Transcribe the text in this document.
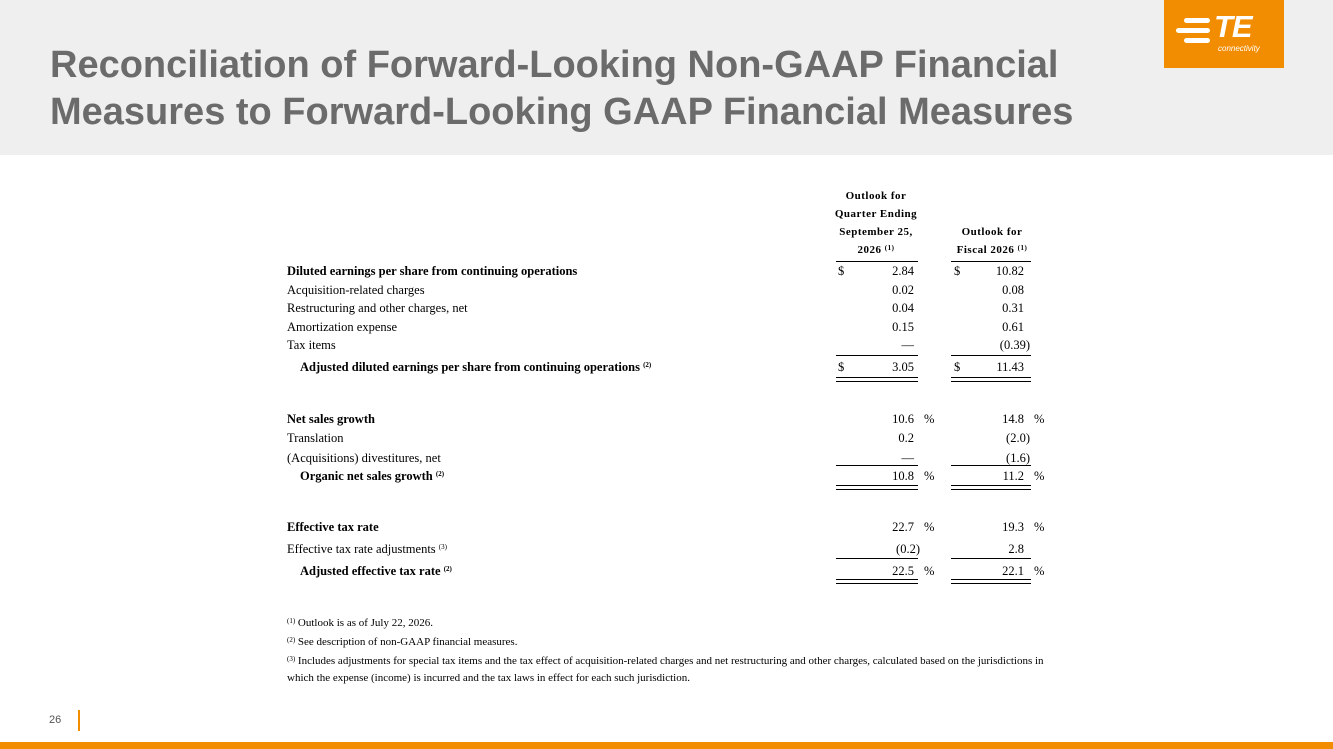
Reconciliation of Forward-Looking Non-GAAP Financial
Measures to Forward-Looking GAAP Financial Measures
TE
connectivity
Outlook for
Quarter Ending
September 25,
2026 $^{(1)}$
Outlook for
Fiscal 2026 $^{(1)}$
Diluted earnings per share from continuing operations	$	2.84	$	10.82
Acquisition-related charges	0.02	0.08
Restructuring and other charges, net	0.04	0.31
Amortization expense	0.15	0.61
Tax items	—	(0.39)
Adjusted diluted earnings per share from continuing operations $^{(2)}$	$	3.05	$	11.43
Net sales growth	10.6 %	14.8 %
Translation	0.2	(2.0)
(Acquisitions) divestitures, net	—	(1.6)
Organic net sales growth $^{(2)}$	10.8 %	11.2 %
Effective tax rate	22.7 %	19.3 %
Effective tax rate adjustments $^{(3)}$	(0.2)	2.8
Adjusted effective tax rate $^{(2)}$	22.5 %	22.1 %
$^{(1)}$ Outlook is as of July 22, 2026.
$^{(2)}$ See description of non-GAAP financial measures.
$^{(3)}$ Includes adjustments for special tax items and the tax effect of acquisition-related charges and net restructuring and other charges, calculated based on the jurisdictions in which the expense (income) is incurred and the tax laws in effect for each such jurisdiction.
26
